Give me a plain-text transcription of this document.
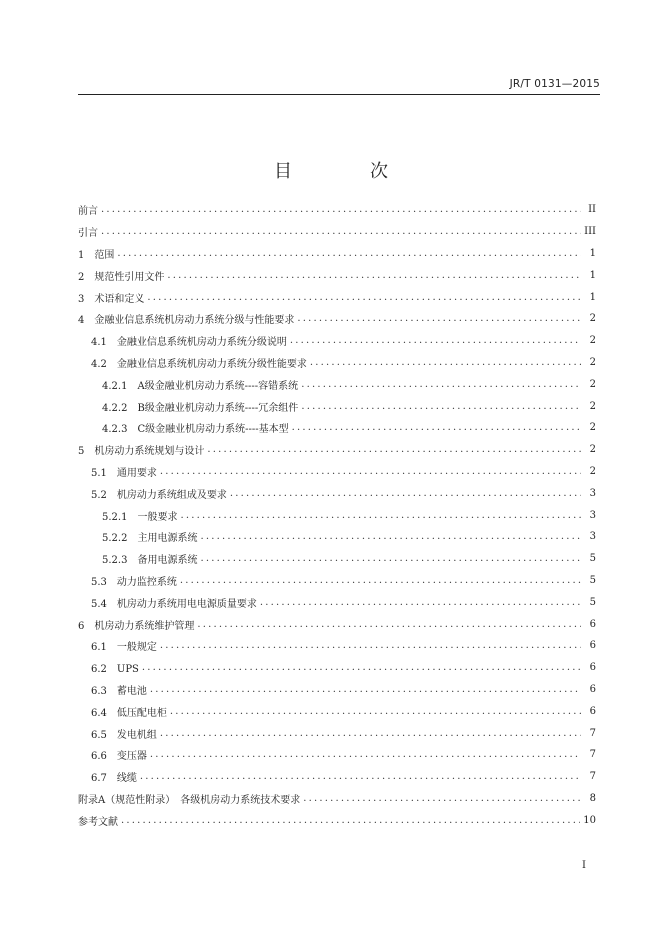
JR/T 0131—2015
目　次
前言 .....	II
引言 .....	III
1　范围 .....	1
2　规范性引用文件 .....	1
3　术语和定义 .....	1
4　金融业信息系统机房动力系统分级与性能要求 .....	2
4.1　金融业信息系统机房动力系统分级说明 .....	2
4.2　金融业信息系统机房动力系统分级性能要求 .....	2
4.2.1　A级金融业机房动力系统----容错系统 .....	2
4.2.2　B级金融业机房动力系统----冗余组件 .....	2
4.2.3　C级金融业机房动力系统----基本型 .....	2
5　机房动力系统规划与设计 .....	2
5.1　通用要求 .....	2
5.2　机房动力系统组成及要求 .....	3
5.2.1　一般要求 .....	3
5.2.2　主用电源系统 .....	3
5.2.3　备用电源系统 .....	5
5.3　动力监控系统 .....	5
5.4　机房动力系统用电电源质量要求 .....	5
6　机房动力系统维护管理 .....	6
6.1　一般规定 .....	6
6.2　UPS .....	6
6.3　蓄电池 .....	6
6.4　低压配电柜 .....	6
6.5　发电机组 .....	7
6.6　变压器 .....	7
6.7　线缆 .....	7
附录A（规范性附录）　各级机房动力系统技术要求 .....	8
参考文献 .....	10
I
